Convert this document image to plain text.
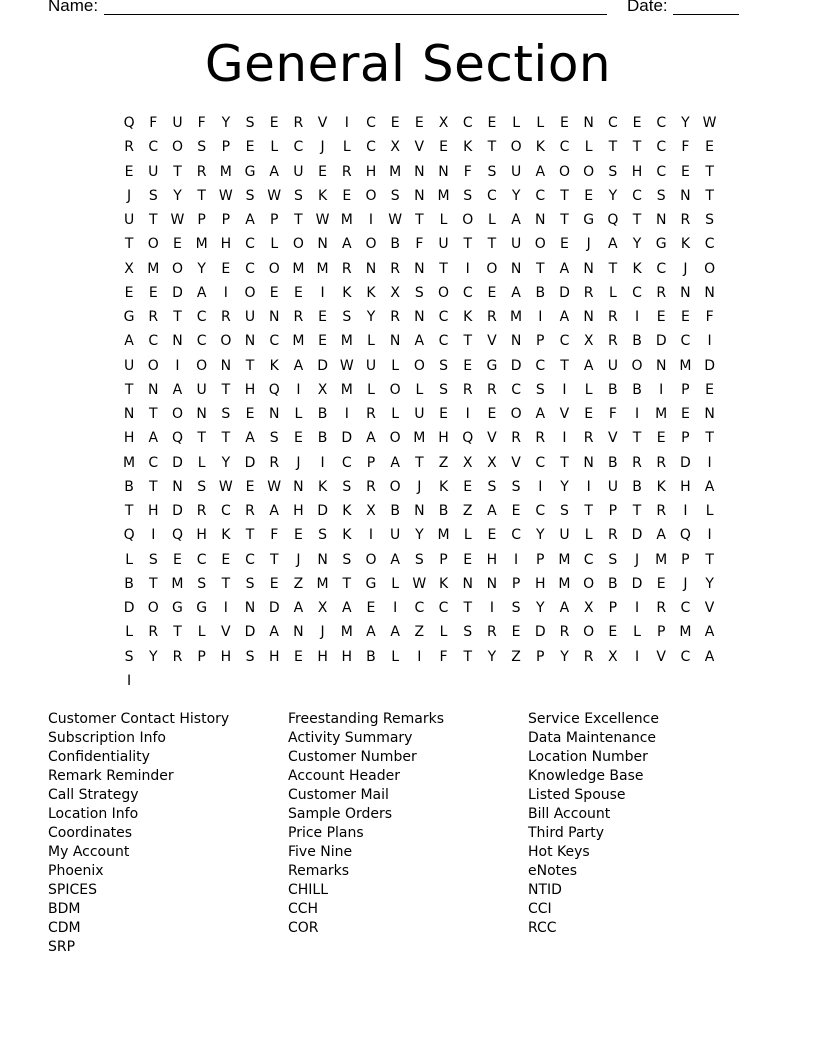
Name:	Date:
General Section
Q	F	U	F	Y	S	E	R	V	I	C	E	E	X	C	E	L	L	E	N	C	E	C	Y W
R	C O	S	P	E	L	C	J	L	C	X	V	E	K	T	O	K	C	L	T	T	C	F	E
E	U	T	R M G A	U	E	R	H M N N	F	S	U	A O O	S	H	C	E	T
J	S	Y	T W S W S	K	E	O	S	N M S	C	Y	C	T	E	Y	C	S	N	T
U	T W P	P	A	P	T W M	I	W T	L	O	L	A	N	T	G Q	T	N	R	S
T	O	E M H	C	L	O N	A O B	F	U	T	T	U O	E	J	A	Y	G	K	C
X M O	Y	E	C O M M R	N	R	N	T	I	O N	T	A	N	T	K	C	J	O
E	E	D	A	I	O	E	E	I	K	K	X	S	O C	E	A	B	D R	L	C	R	N N
G R	T	C	R	U N	R	E	S	Y	R	N	C	K	R M	I	A	N	R	I	E	E	F
A	C	N	C O N	C M E M	L	N	A	C	T	V	N	P	C	X	R	B	D C	I
U O	I	O N	T	K	A	D W U	L	O	S	E	G D C	T	A	U O N M D
T	N	A	U	T	H Q	I	X M	L	O	L	S	R	R	C	S	I	L	B	B	I	P	E
N	T	O N	S	E	N	L	B	I	R	L	U	E	I	E	O A	V	E	F	I	M E	N
H	A Q	T	T	A	S	E	B	D	A O M H Q V	R	R	I	R	V	T	E	P	T
M C D	L	Y	D R	J	I	C	P	A	T	Z	X	X	V	C	T	N	B	R	R D	I
B	T	N	S W E W N	K	S	R O	J	K	E	S	S	I	Y	I	U	B	K	H	A
T	H D R	C	R	A	H D	K	X	B	N	B	Z	A	E	C	S	T	P	T	R	I	L
Q	I	Q H	K	T	F	E	S	K	I	U	Y M	L	E	C	Y	U	L	R D	A Q	I
L	S	E	C	E	C	T	J	N	S	O A	S	P	E	H	I	P M C	S	J	M P	T
B	T M S	T	S	E	Z M T	G	L W K	N N	P	H M O B	D	E	J	Y
D O G G	I	N D	A	X	A	E	I	C	C	T	I	S	Y	A	X	P	I	R	C	V
L	R	T	L	V	D	A	N	J	M A	A	Z	L	S	R	E	D R O	E	L	P M A
S	Y	R	P	H	S	H	E	H H	B	L	I	F	T	Y	Z	P	Y	R	X	I	V	C	A
I
Customer Contact History
Subscription Info
Confidentiality
Remark Reminder
Call Strategy
Location Info
Coordinates
My Account
Phoenix
SPICES
BDM
CDM
SRP
Freestanding Remarks
Activity Summary
Customer Number
Account Header
Customer Mail
Sample Orders
Price Plans
Five Nine
Remarks
CHILL
CCH
COR
Service Excellence
Data Maintenance
Location Number
Knowledge Base
Listed Spouse
Bill Account
Third Party
Hot Keys
eNotes
NTID
CCI
RCC
